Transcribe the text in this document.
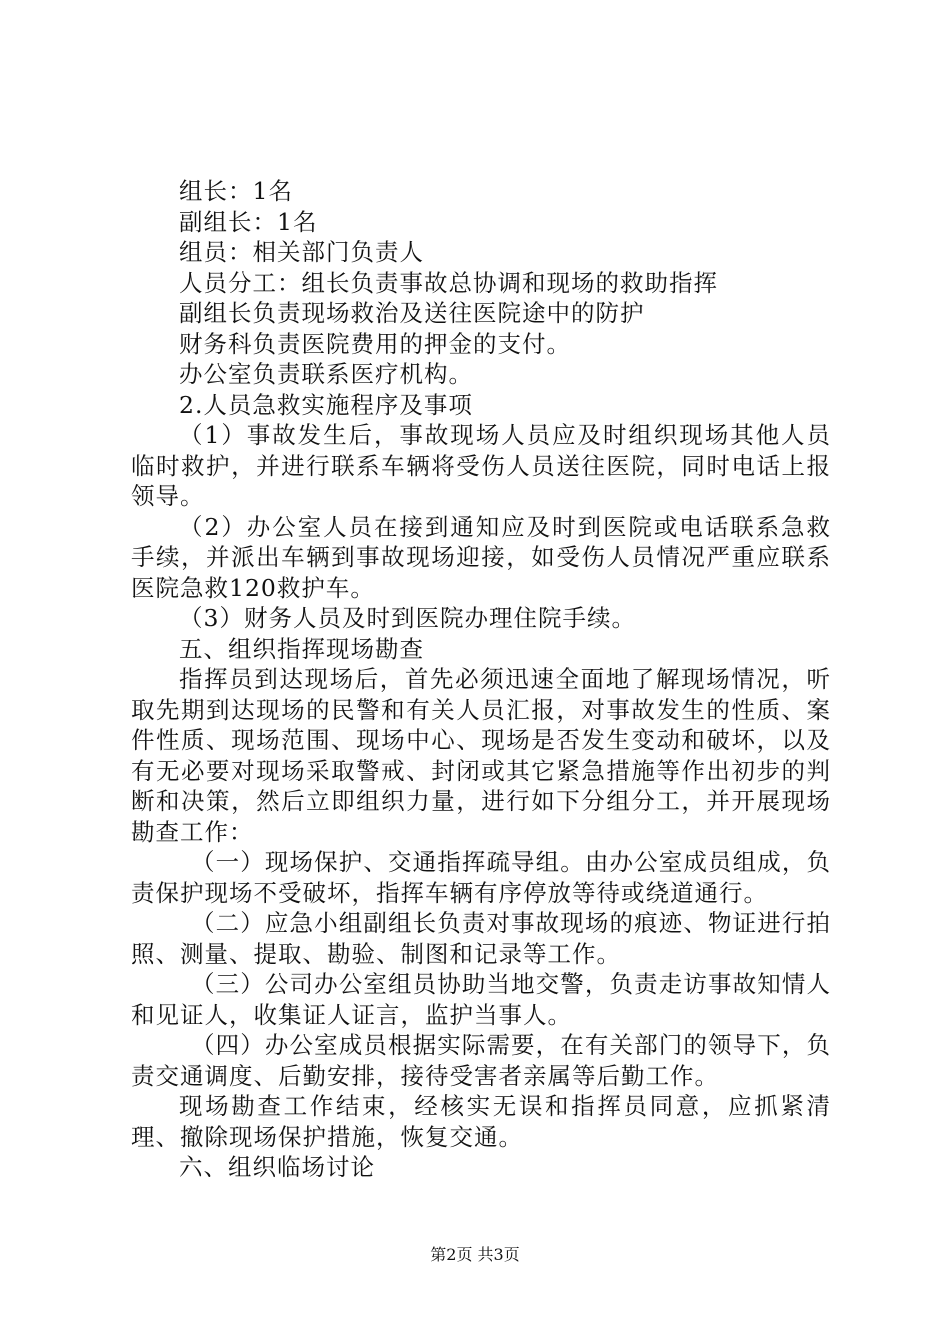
组长：1名

副组长：1名

组员：相关部门负责人

人员分工：组长负责事故总协调和现场的救助指挥

副组长负责现场救治及送往医院途中的防护

财务科负责医院费用的押金的支付。

办公室负责联系医疗机构。

2.人员急救实施程序及事项

（1）事故发生后，事故现场人员应及时组织现场其他人员临时救护，并进行联系车辆将受伤人员送往医院，同时电话上报领导。

（2）办公室人员在接到通知应及时到医院或电话联系急救手续，并派出车辆到事故现场迎接，如受伤人员情况严重应联系医院急救120救护车。

（3）财务人员及时到医院办理住院手续。

五、组织指挥现场勘查

指挥员到达现场后，首先必须迅速全面地了解现场情况，听取先期到达现场的民警和有关人员汇报，对事故发生的性质、案件性质、现场范围、现场中心、现场是否发生变动和破坏，以及有无必要对现场采取警戒、封闭或其它紧急措施等作出初步的判断和决策，然后立即组织力量，进行如下分组分工，并开展现场勘查工作：

（一）现场保护、交通指挥疏导组。由办公室成员组成，负责保护现场不受破坏，指挥车辆有序停放等待或绕道通行。

（二）应急小组副组长负责对事故现场的痕迹、物证进行拍照、测量、提取、勘验、制图和记录等工作。

（三）公司办公室组员协助当地交警，负责走访事故知情人和见证人，收集证人证言，监护当事人。

（四）办公室成员根据实际需要，在有关部门的领导下，负责交通调度、后勤安排，接待受害者亲属等后勤工作。

现场勘查工作结束，经核实无误和指挥员同意，应抓紧清理、撤除现场保护措施，恢复交通。

六、组织临场讨论

第2页 共3页
